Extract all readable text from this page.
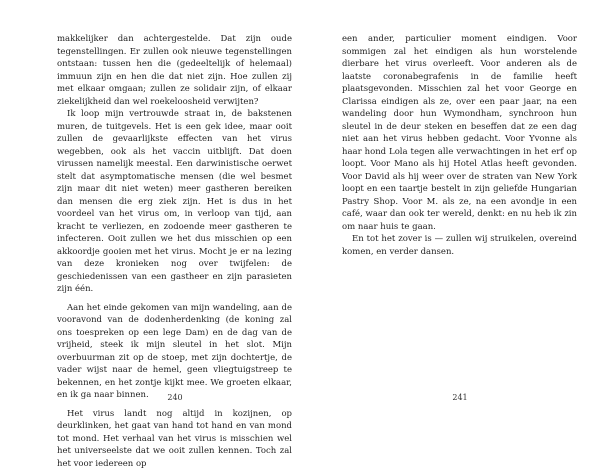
makkelijker dan achtergestelde. Dat zijn oude tegenstellingen. Er zullen ook nieuwe tegenstellingen ontstaan: tussen hen die (gedeeltelijk of helemaal) immuun zijn en hen die dat niet zijn. Hoe zullen zij met elkaar omgaan; zullen ze solidair zijn, of elkaar ziekelijkheid dan wel roekeloosheid verwijten?

Ik loop mijn vertrouwde straat in, de bakstenen muren, de tuitgevels. Het is een gek idee, maar ooit zullen de gevaarlijkste effecten van het virus wegebben, ook als het vaccin uitblijft. Dat doen virussen namelijk meestal. Een darwinistische oerwet stelt dat asymptomatische mensen (die wel besmet zijn maar dit niet weten) meer gastheren bereiken dan mensen die erg ziek zijn. Het is dus in het voordeel van het virus om, in verloop van tijd, aan kracht te verliezen, en zodoende meer gastheren te infecteren. Ooit zullen we het dus misschien op een akkoordje gooien met het virus. Mocht je er na lezing van deze kronieken nog over twijfelen: de geschiedenissen van een gastheer en zijn parasieten zijn één.

Aan het einde gekomen van mijn wandeling, aan de vooravond van de dodenherdenking (de koning zal ons toespreken op een lege Dam) en de dag van de vrijheid, steek ik mijn sleutel in het slot. Mijn overbuurman zit op de stoep, met zijn dochtertje, de vader wijst naar de hemel, geen vliegtuigstreep te bekennen, en het zontje kijkt mee. We groeten elkaar, en ik ga naar binnen.

Het virus landt nog altijd in kozijnen, op deurklinken, het gaat van hand tot hand en van mond tot mond. Het verhaal van het virus is misschien wel het universeelste dat we ooit zullen kennen. Toch zal het voor iedereen op

240

een ander, particulier moment eindigen. Voor sommigen zal het eindigen als hun worstelende dierbare het virus overleeft. Voor anderen als de laatste coronabegrafenis in de familie heeft plaatsgevonden. Misschien zal het voor George en Clarissa eindigen als ze, over een paar jaar, na een wandeling door hun Wymondham, synchroon hun sleutel in de deur steken en beseffen dat ze een dag niet aan het virus hebben gedacht. Voor Yvonne als haar hond Lola tegen alle verwachtingen in het erf op loopt. Voor Mano als hij Hotel Atlas heeft gevonden. Voor David als hij weer over de straten van New York loopt en een taartje bestelt in zijn geliefde Hungarian Pastry Shop. Voor M. als ze, na een avondje in een café, waar dan ook ter wereld, denkt: en nu heb ik zin om naar huis te gaan.

En tot het zover is — zullen wij struikelen, overeind komen, en verder dansen.

241
